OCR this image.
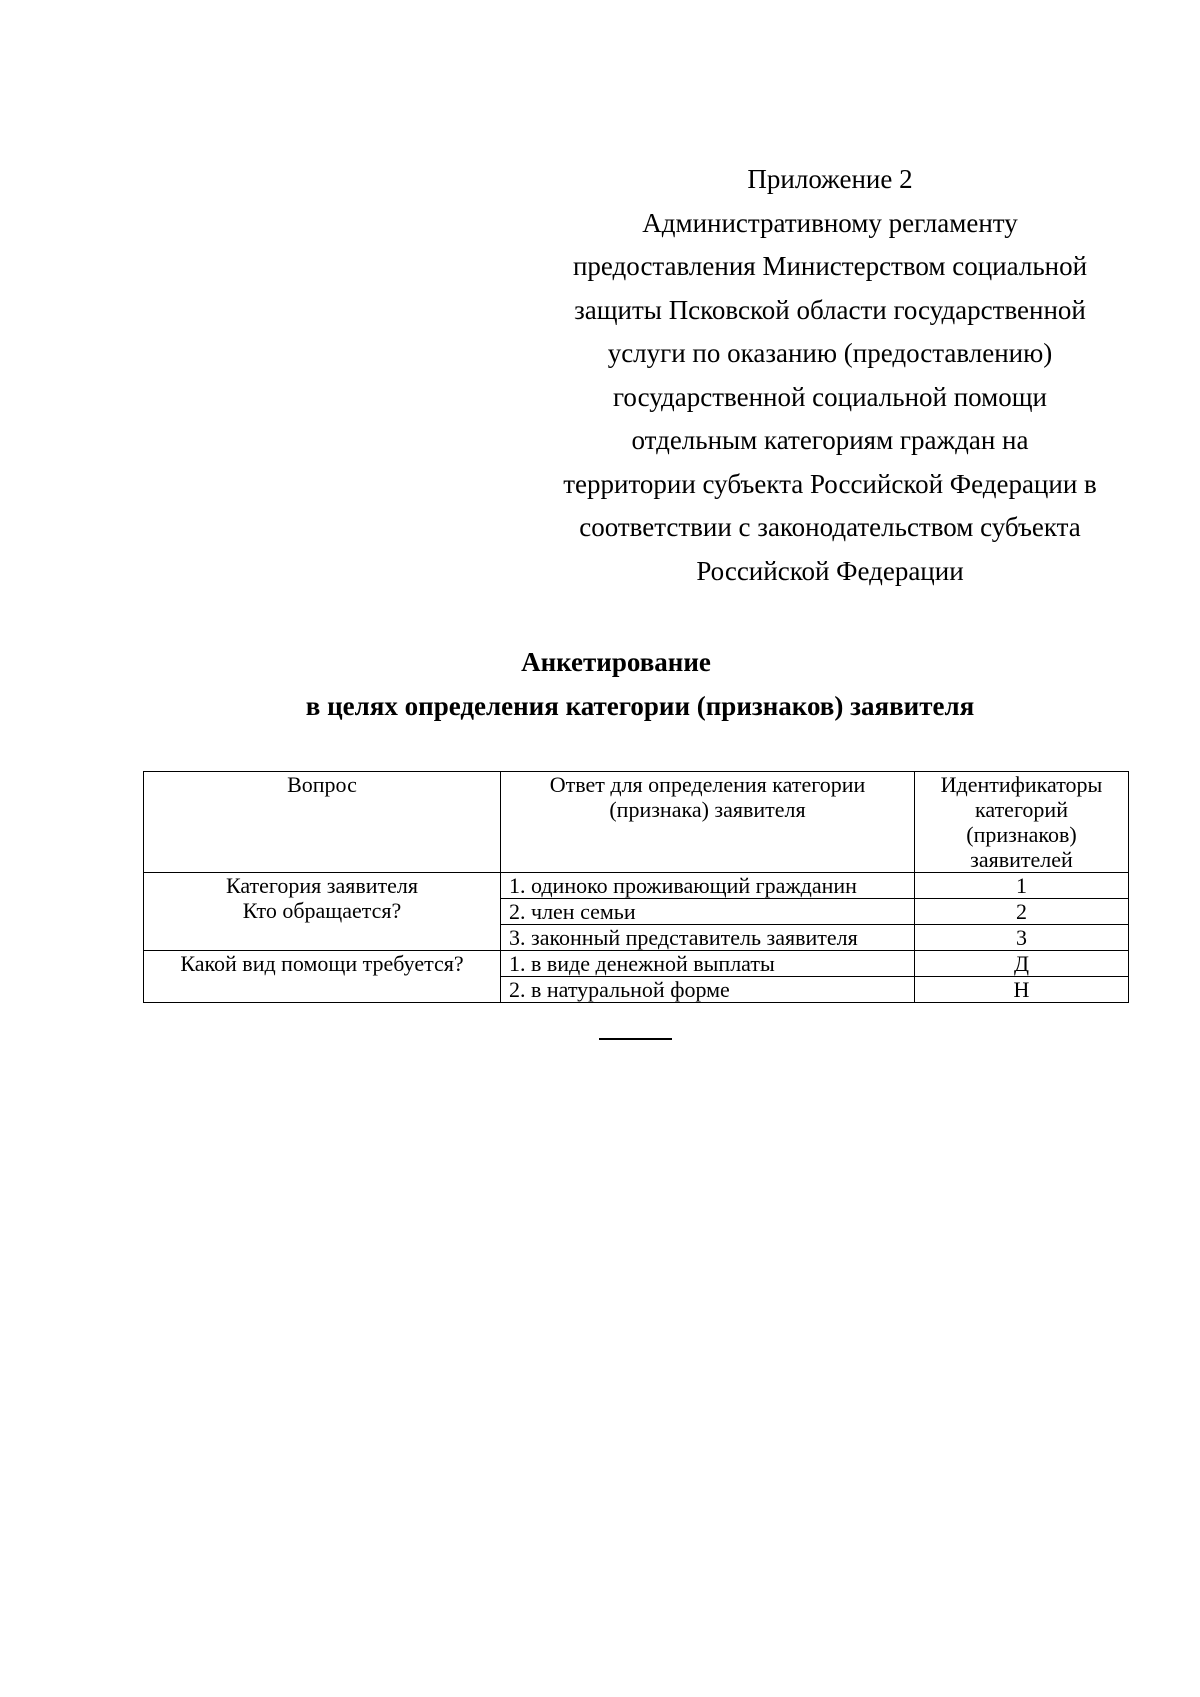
Приложение 2
Административному регламенту
предоставления Министерством социальной
защиты Псковской области государственной
услуги по оказанию (предоставлению)
государственной социальной помощи
отдельным категориям граждан на
территории субъекта Российской Федерации в
соответствии с законодательством субъекта
Российской Федерации
Анкетирование
в целях определения категории (признаков) заявителя
Вопрос	Ответ для определения категории (признака) заявителя	Идентификаторы категорий (признаков) заявителей

Категория заявителя
Кто обращается?	1. одиноко проживающий гражданин	1
	2. член семьи	2
	3. законный представитель заявителя	3

Какой вид помощи требуется?	1. в виде денежной выплаты	Д
	2. в натуральной форме	Н
